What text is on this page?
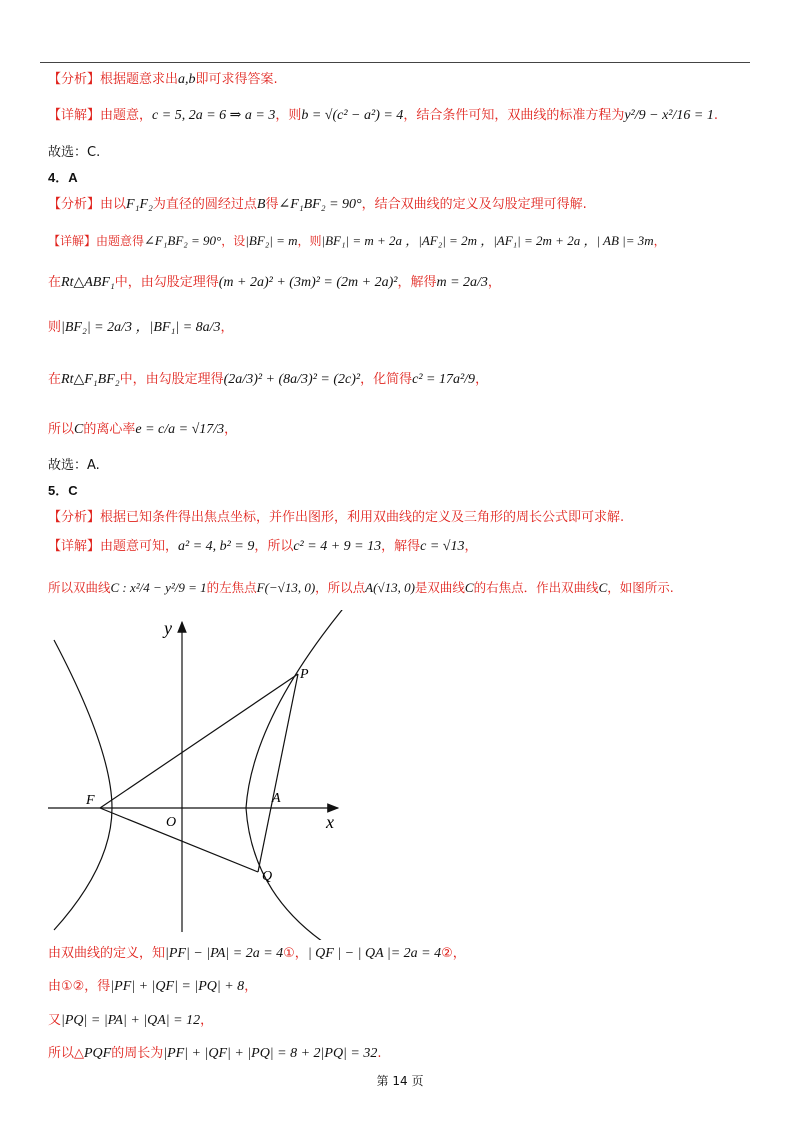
【分析】根据题意求出a,b即可求得答案.
【详解】由题意，c = 5, 2a = 6 ⇒ a = 3，则b = √(c² − a²) = 4，结合条件可知，双曲线的标准方程为y²/9 − x²/16 = 1.
故选：C.
4．A
【分析】由以F₁F₂为直径的圆经过点B得∠F₁BF₂ = 90°，结合双曲线的定义及勾股定理可得解.
【详解】由题意得∠F₁BF₂ = 90°，设|BF₂| = m，则|BF₁| = m + 2a ，|AF₂| = 2m ，|AF₁| = 2m + 2a ，| AB |= 3m，
在Rt△ABF₁中，由勾股定理得(m + 2a)² + (3m)² = (2m + 2a)²，解得m = 2a/3，
则|BF₂| = 2a/3 ，|BF₁| = 8a/3，
在Rt△F₁BF₂中，由勾股定理得(2a/3)² + (8a/3)² = (2c)²，化简得c² = 17a²/9，
所以C的离心率e = c/a = √17/3，
故选：A.
5．C
【分析】根据已知条件得出焦点坐标，并作出图形，利用双曲线的定义及三角形的周长公式即可求解.
【详解】由题意可知，a² = 4, b² = 9，所以c² = 4 + 9 = 13，解得c = √13，
所以双曲线C : x²/4 − y²/9 = 1的左焦点F(−√13, 0)，所以点A(√13, 0)是双曲线C的右焦点．作出双曲线C，如图所示.
y
x
O
F	A
P
Q
由双曲线的定义，知|PF| − |PA| = 2a = 4①，| QF | − | QA |= 2a = 4②，
由①②，得|PF| + |QF| = |PQ| + 8，
又|PQ| = |PA| + |QA| = 12，
所以△PQF的周长为|PF| + |QF| + |PQ| = 8 + 2|PQ| = 32.
第 14 页
